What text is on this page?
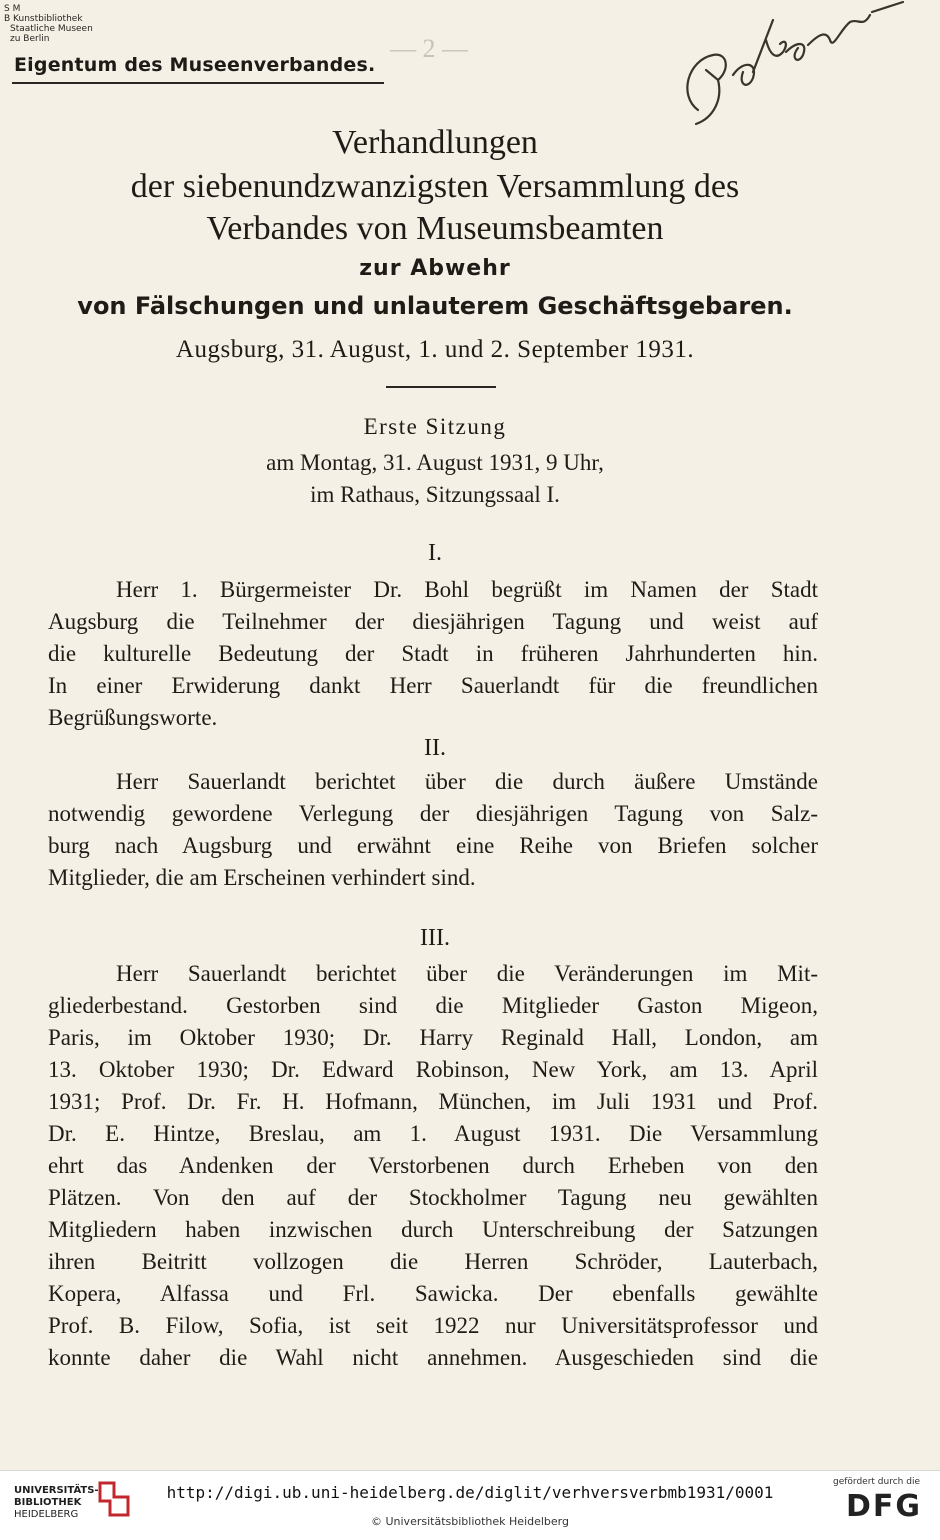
S M
B Kunstbibliothek
Staatliche Museen
zu Berlin
Eigentum des Museenverbandes.
— 2 —
Verhandlungen
der siebenundzwanzigsten Versammlung des
Verbandes von Museumsbeamten
zur Abwehr
von Fälschungen und unlauterem Geschäftsgebaren.
Augsburg, 31. August, 1. und 2. September 1931.
Erste Sitzung
am Montag, 31. August 1931, 9 Uhr,
im Rathaus, Sitzungssaal I.
I.
Herr 1. Bürgermeister Dr. Bohl begrüßt im Namen der Stadt
Augsburg die Teilnehmer der diesjährigen Tagung und weist auf
die kulturelle Bedeutung der Stadt in früheren Jahrhunderten hin.
In einer Erwiderung dankt Herr Sauerlandt für die freundlichen
Begrüßungsworte.
II.
Herr Sauerlandt berichtet über die durch äußere Umstände
notwendig gewordene Verlegung der diesjährigen Tagung von Salz-
burg nach Augsburg und erwähnt eine Reihe von Briefen solcher
Mitglieder, die am Erscheinen verhindert sind.
III.
Herr Sauerlandt berichtet über die Veränderungen im Mit-
gliederbestand. Gestorben sind die Mitglieder Gaston Migeon,
Paris, im Oktober 1930; Dr. Harry Reginald Hall, London, am
13. Oktober 1930; Dr. Edward Robinson, New York, am 13. April
1931; Prof. Dr. Fr. H. Hofmann, München, im Juli 1931 und Prof.
Dr. E. Hintze, Breslau, am 1. August 1931. Die Versammlung
ehrt das Andenken der Verstorbenen durch Erheben von den
Plätzen. Von den auf der Stockholmer Tagung neu gewählten
Mitgliedern haben inzwischen durch Unterschreibung der Satzungen
ihren Beitritt vollzogen die Herren Schröder, Lauterbach,
Kopera, Alfassa und Frl. Sawicka. Der ebenfalls gewählte
Prof. B. Filow, Sofia, ist seit 1922 nur Universitätsprofessor und
konnte daher die Wahl nicht annehmen. Ausgeschieden sind die
UNIVERSITÄTS-
BIBLIOTHEK
HEIDELBERG
http://digi.ub.uni-heidelberg.de/diglit/verhversverbmb1931/0001
© Universitätsbibliothek Heidelberg
gefördert durch die
DFG
